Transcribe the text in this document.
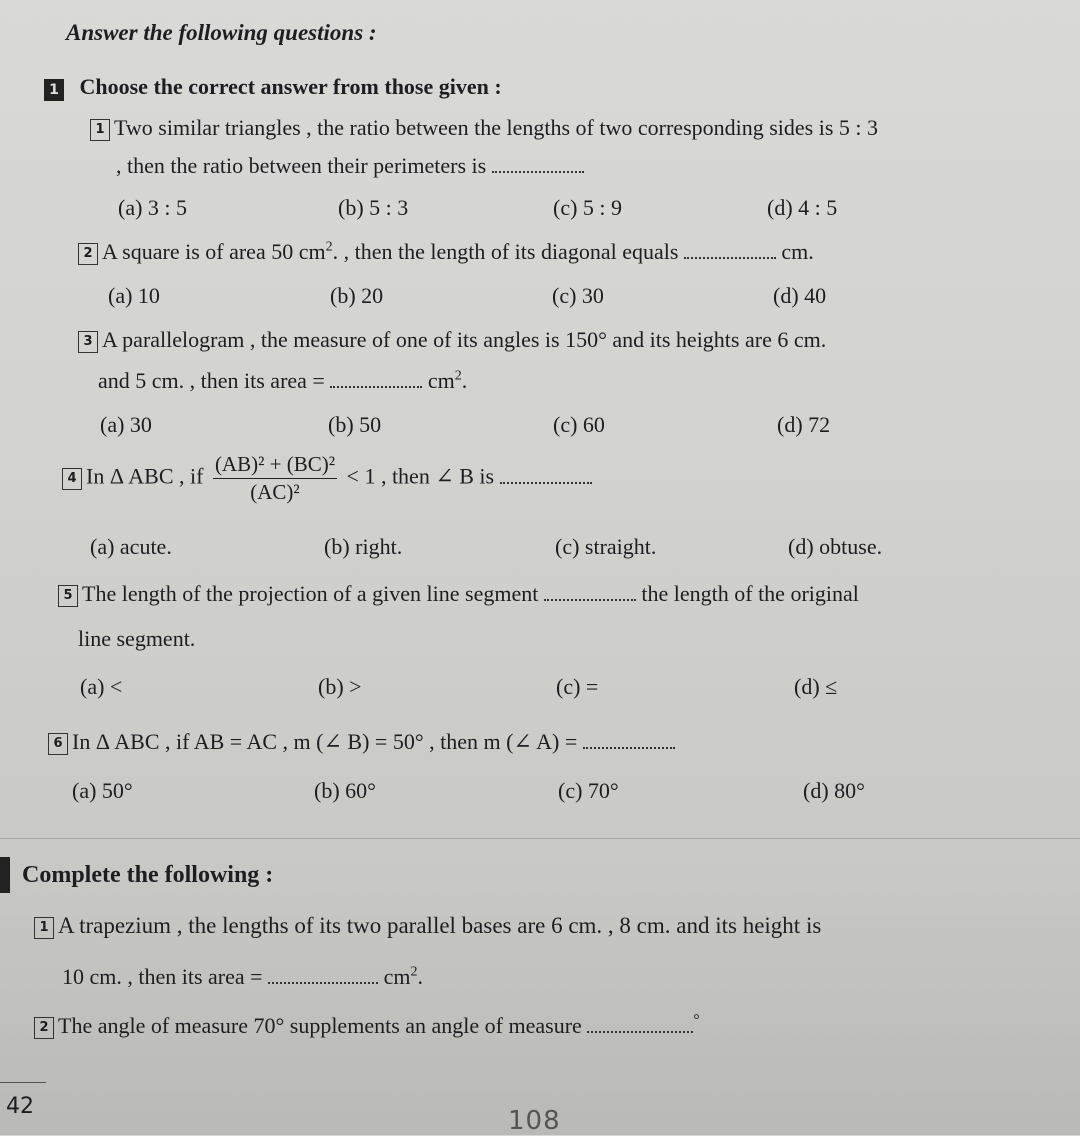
Answer the following questions :
1 Choose the correct answer from those given :
1 Two similar triangles , the ratio between the lengths of two corresponding sides is 5 : 3
, then the ratio between their perimeters is
(a) 3 : 5	(b) 5 : 3	(c) 5 : 9	(d) 4 : 5
2 A square is of area 50 $cm^2$. , then the length of its diagonal equals	cm.
(a) 10	(b) 20	(c) 30	(d) 40
3 A parallelogram , the measure of one of its angles is 150° and its heights are 6 cm.
and 5 cm. , then its area =	$cm^2$.
(a) 30	(b) 50	(c) 60	(d) 72
4 In Δ ABC , if $\frac{\text{(AB)² + (BC)²}}{\text{(AC)²}} < 1$ , then ∠ B is
(a) acute.	(b) right.	(c) straight.	(d) obtuse.
5 The length of the projection of a given line segment	the length of the original
line segment.
(a) <	(b) >	(c) =	(d) ≤
6 In Δ ABC , if AB = AC , m (∠ B) = 50° , then m (∠ A) =
(a) 50°	(b) 60°	(c) 70°	(d) 80°
Complete the following :
1 A trapezium , the lengths of its two parallel bases are 6 cm. , 8 cm. and its height is
10 cm. , then its area =	$cm^2$.
2 The angle of measure 70° supplements an angle of measure	°
42	108
